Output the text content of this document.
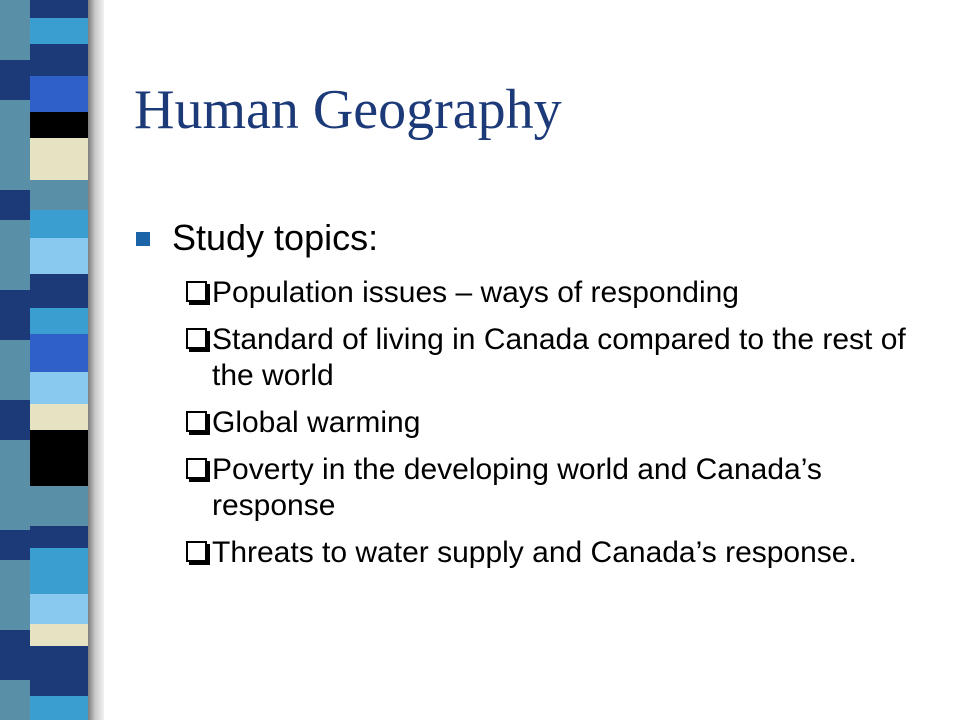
Human Geography
Study topics:
Population issues – ways of responding
Standard of living in Canada compared to the rest of the world
Global warming
Poverty in the developing world and Canada’s response
Threats to water supply and Canada’s response.
